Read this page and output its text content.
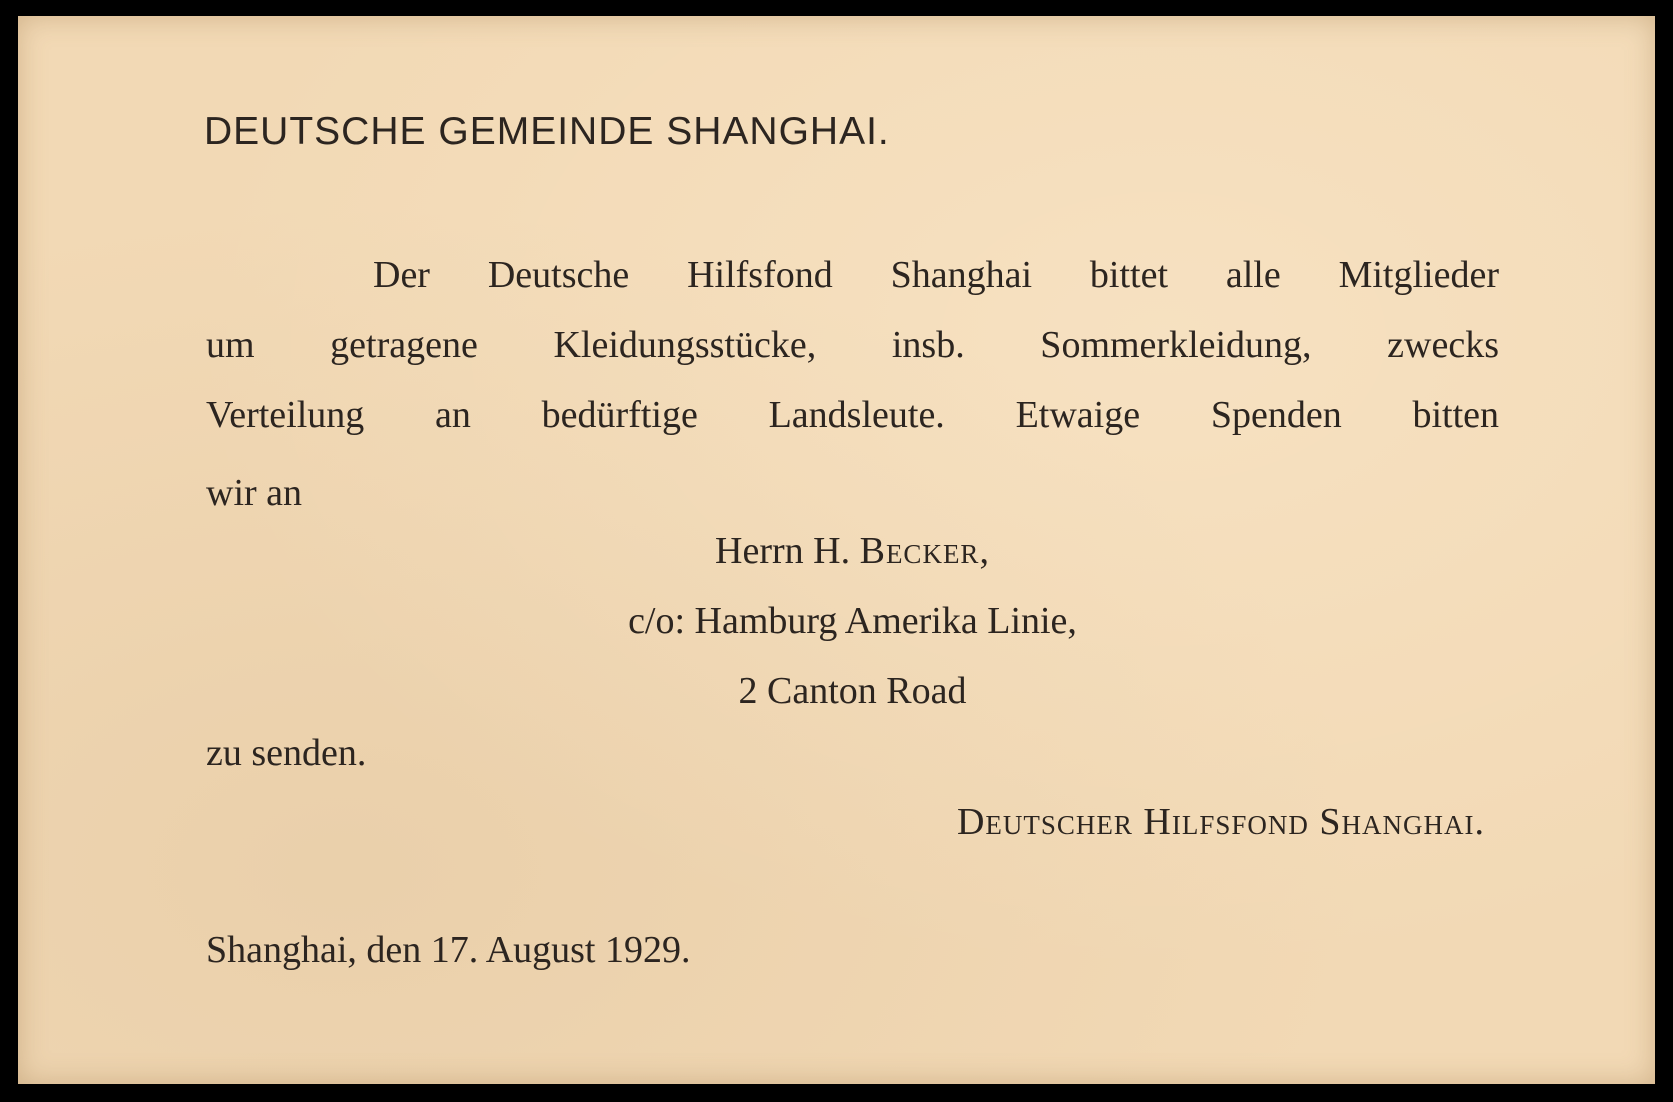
DEUTSCHE GEMEINDE SHANGHAI.
Der Deutsche Hilfsfond Shanghai bittet alle Mitglieder
um getragene Kleidungsstücke, insb. Sommerkleidung, zwecks
Verteilung an bedürftige Landsleute. Etwaige Spenden bitten
wir an
Herrn H. Becker,
c/o: Hamburg Amerika Linie,
2 Canton Road
zu senden.
Deutscher Hilfsfond Shanghai.
Shanghai, den 17. August 1929.
